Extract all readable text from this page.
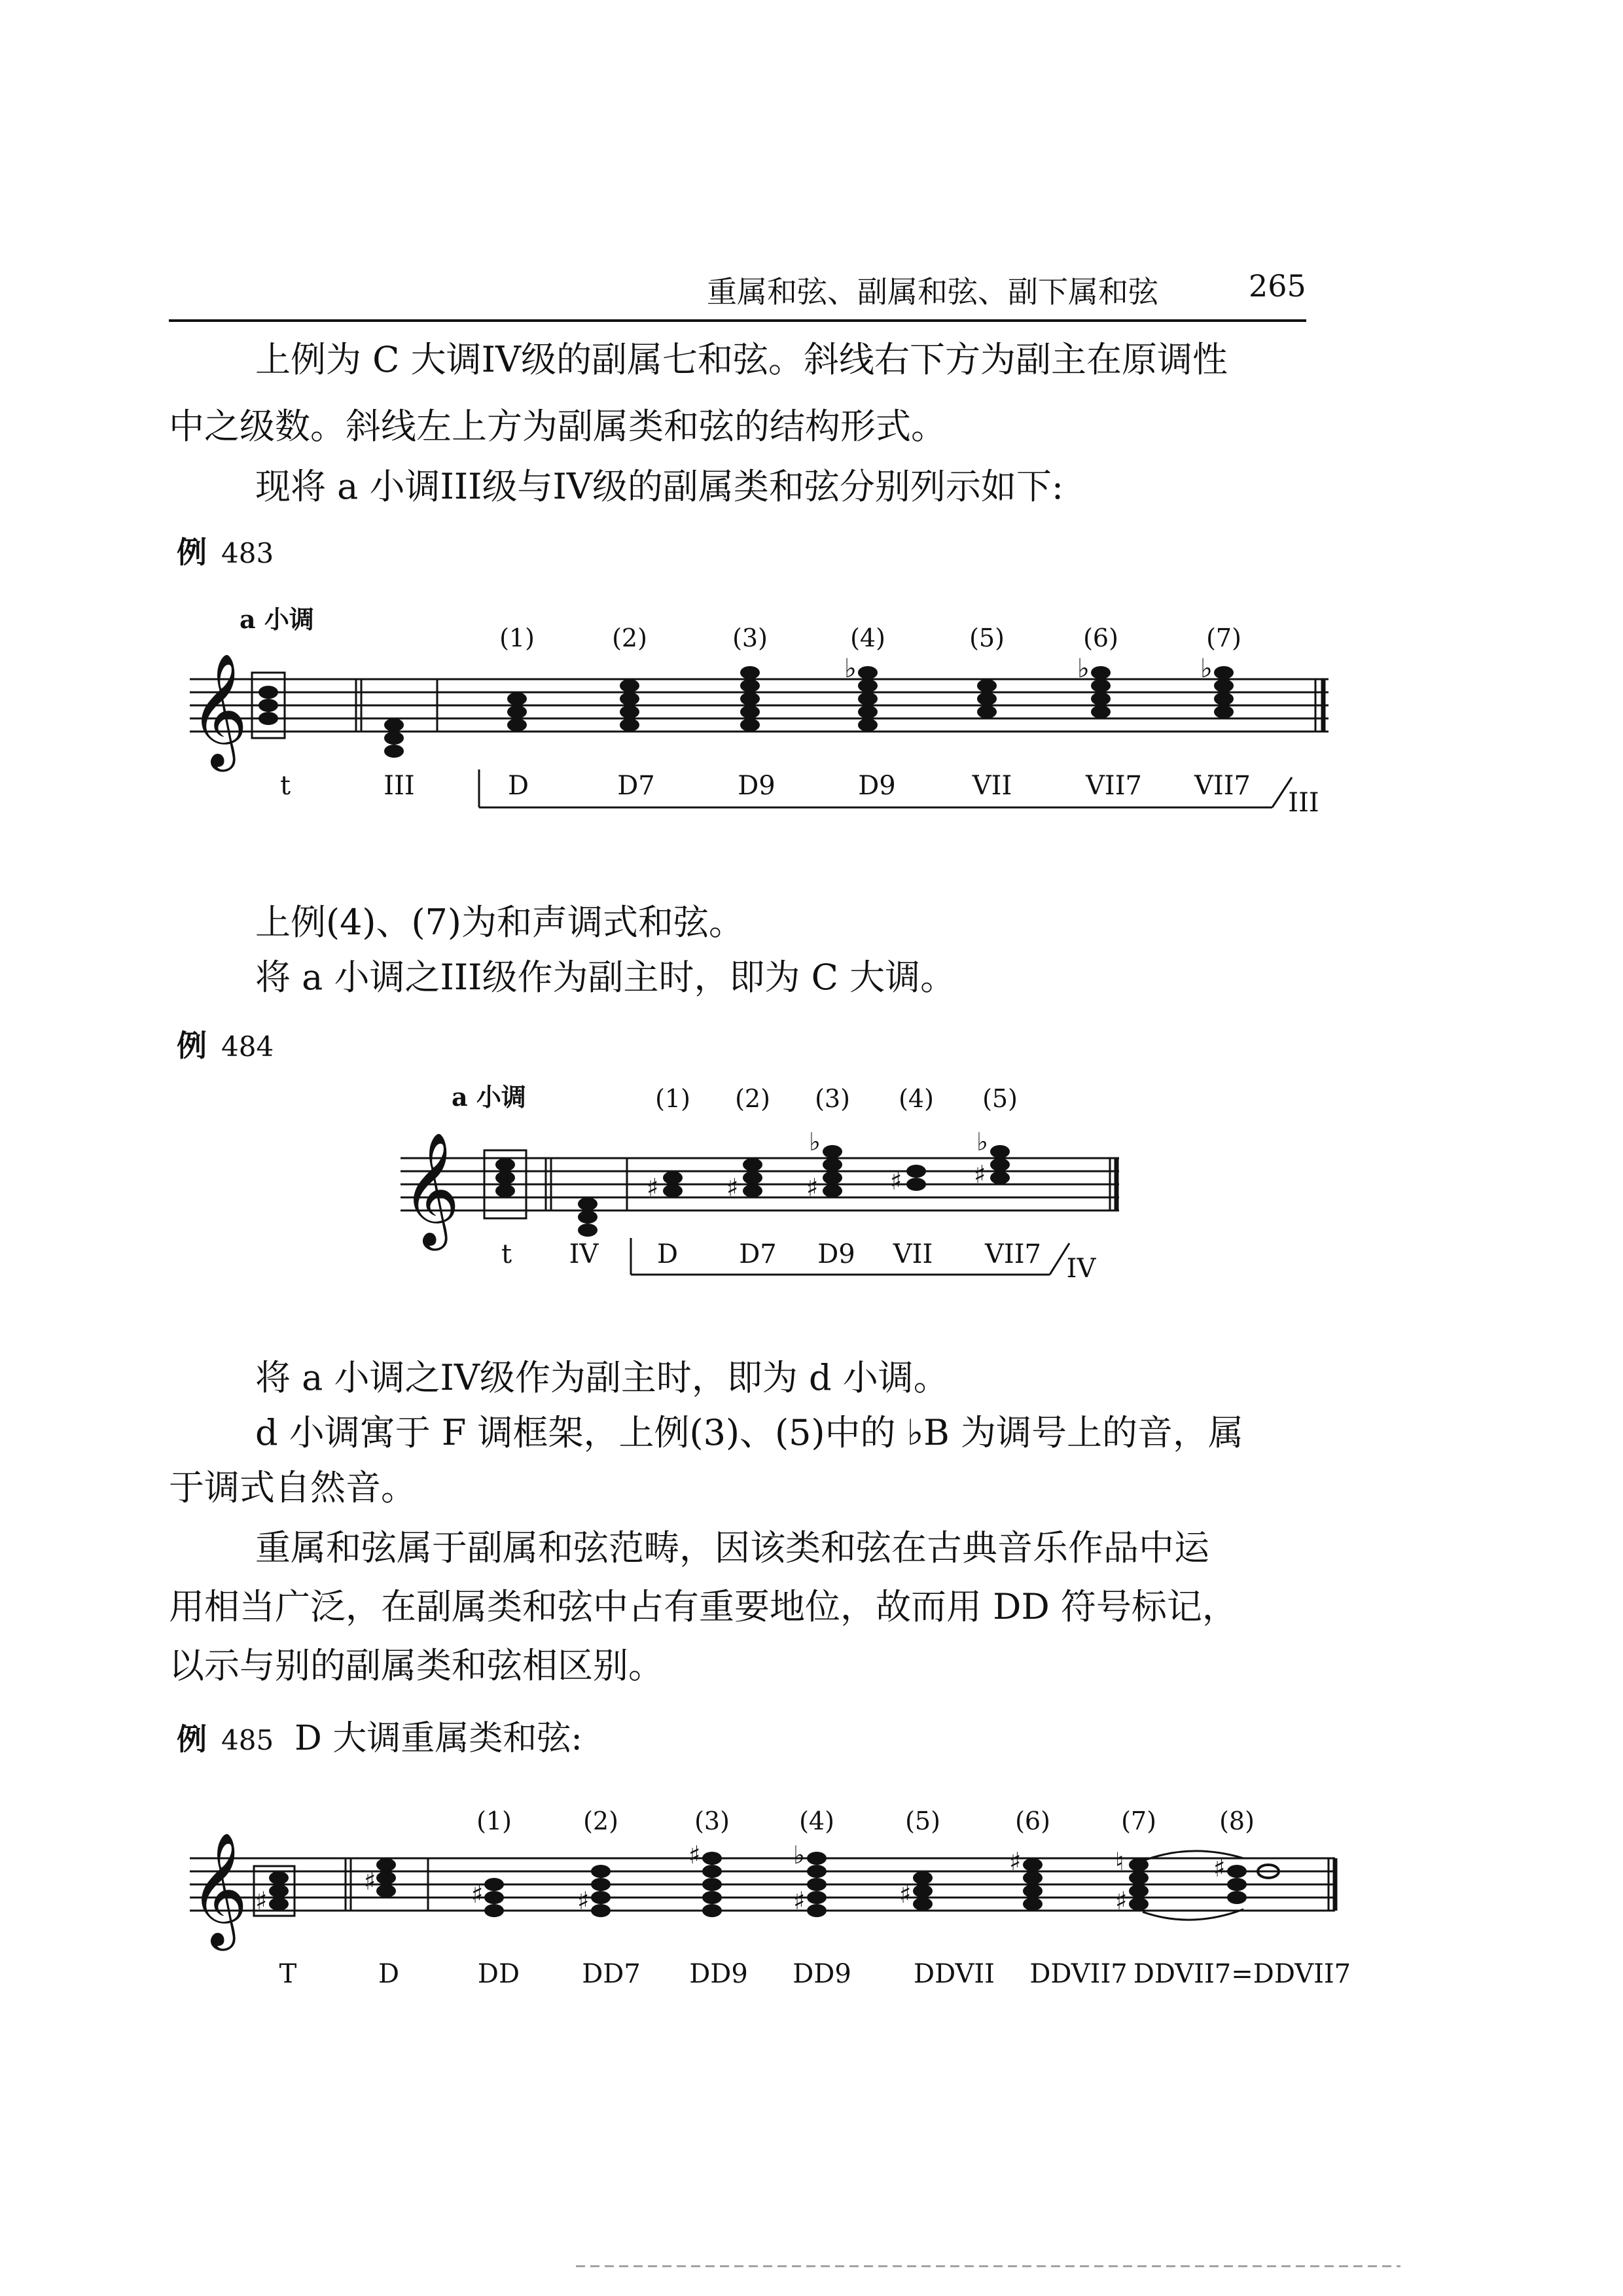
重属和弦、副属和弦、副下属和弦	265
上例为 C 大调IV级的副属七和弦。斜线右下方为副主在原调性
中之级数。斜线左上方为副属类和弦的结构形式。
现将 a 小调III级与IV级的副属类和弦分别列示如下:
例 483
a 小调
(1)	(2)	(3)	(4)	(5)	(6)	(7)
𝄞	♭	♭	♭
t	III	D	D7	D9	D9	VII	VII7 VII7
III
上例(4)、(7)为和声调式和弦。
将 a 小调之III级作为副主时，即为 C 大调。
例 484
a 小调	(1) (2) (3) (4) (5)
𝄞	♯	♯	♯	♯	♯
♭	♭
t IV D D7 D9 VII VII7 IV
将 a 小调之IV级作为副主时，即为 d 小调。
d 小调寓于 F 调框架，上例(3)、(5)中的 ♭B 为调号上的音，属
于调式自然音。
重属和弦属于副属和弦范畴，因该类和弦在古典音乐作品中运
用相当广泛，在副属类和弦中占有重要地位，故而用 DD 符号标记，
以示与别的副属类和弦相区别。
例 485 D 大调重属类和弦:
(1)	(2)	(3)	(4)	(5)	(6)	(7)	(8)
𝄞 ♯
♯	♯	♯
♯	♭
♯	♯
♯	♮
♯
♯
T	D	DD DD7 DD9 DD9 DDVII DDVII7 DDVII7=DDVII7
